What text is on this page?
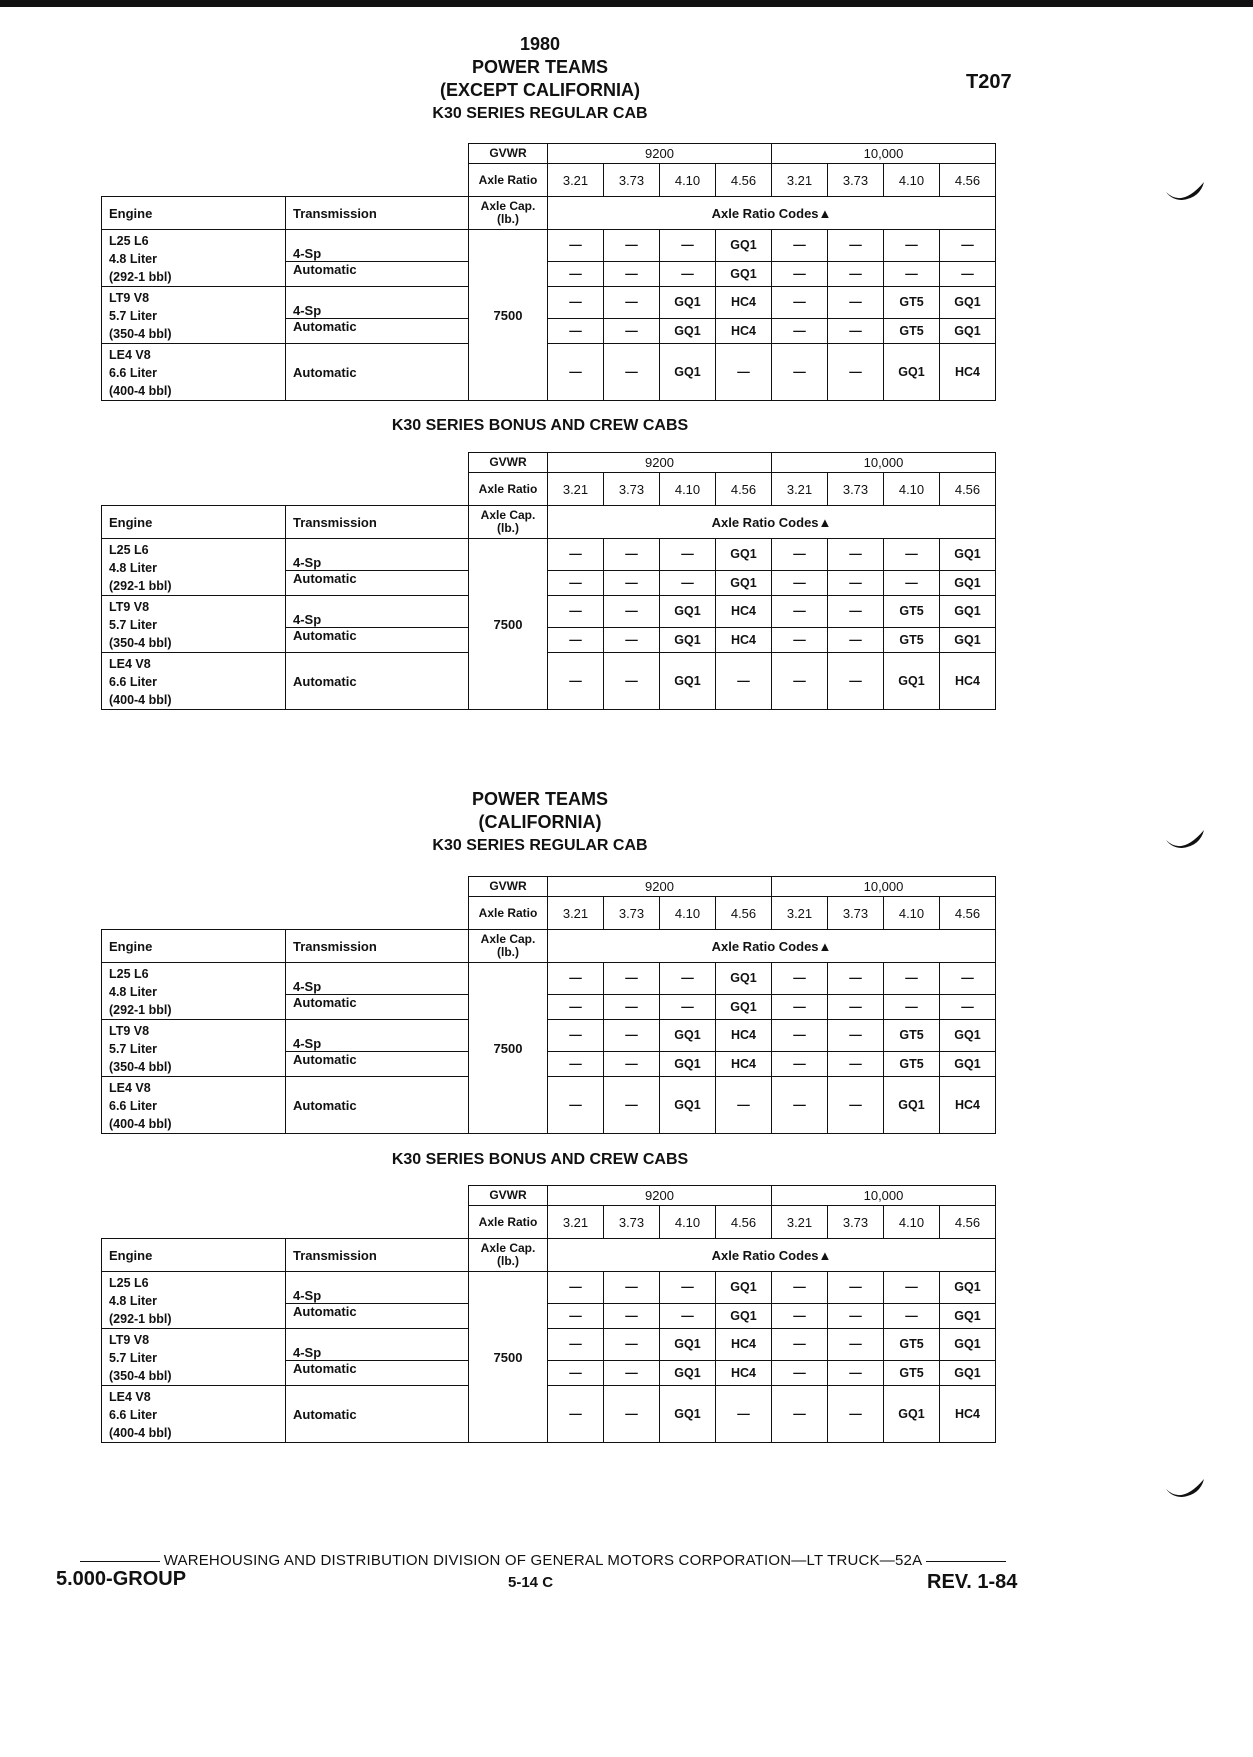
1980
POWER TEAMS
(EXCEPT CALIFORNIA)
K30 SERIES REGULAR CAB
T207
K30 SERIES BONUS AND CREW CABS
POWER TEAMS
(CALIFORNIA)
K30 SERIES REGULAR CAB
K30 SERIES BONUS AND CREW CABS
		GVWR	9200				10,000			
		Axle Ratio	3.21	3.73	4.10	4.56	3.21	3.73	4.10	4.56
Engine	Transmission	Axle Cap. (lb.)	Axle Ratio Codes▲							

L25 L6
4.8 Liter
(292-1 bbl)	4-Sp	7500	—	—	—	GQ1	—	—	—	—
	Automatic		—	—	—	GQ1	—	—	—	—

LT9 V8
5.7 Liter
(350-4 bbl)	4-Sp		—	—	GQ1	HC4	—	—	GT5	GQ1
	Automatic		—	—	GQ1	HC4	—	—	GT5	GQ1

LE4 V8
6.6 Liter
(400-4 bbl)	Automatic		—	—	GQ1	—	—	—	GQ1	HC4
		GVWR	9200				10,000			
		Axle Ratio	3.21	3.73	4.10	4.56	3.21	3.73	4.10	4.56
Engine	Transmission	Axle Cap. (lb.)	Axle Ratio Codes▲							

L25 L6
4.8 Liter
(292-1 bbl)	4-Sp	7500	—	—	—	GQ1	—	—	—	GQ1
	Automatic		—	—	—	GQ1	—	—	—	GQ1

LT9 V8
5.7 Liter
(350-4 bbl)	4-Sp		—	—	GQ1	HC4	—	—	GT5	GQ1
	Automatic		—	—	GQ1	HC4	—	—	GT5	GQ1

LE4 V8
6.6 Liter
(400-4 bbl)	Automatic		—	—	GQ1	—	—	—	GQ1	HC4
		GVWR	9200				10,000			
		Axle Ratio	3.21	3.73	4.10	4.56	3.21	3.73	4.10	4.56
Engine	Transmission	Axle Cap. (lb.)	Axle Ratio Codes▲							

L25 L6
4.8 Liter
(292-1 bbl)	4-Sp	7500	—	—	—	GQ1	—	—	—	—
	Automatic		—	—	—	GQ1	—	—	—	—

LT9 V8
5.7 Liter
(350-4 bbl)	4-Sp		—	—	GQ1	HC4	—	—	GT5	GQ1
	Automatic		—	—	GQ1	HC4	—	—	GT5	GQ1

LE4 V8
6.6 Liter
(400-4 bbl)	Automatic		—	—	GQ1	—	—	—	GQ1	HC4
		GVWR	9200				10,000			
		Axle Ratio	3.21	3.73	4.10	4.56	3.21	3.73	4.10	4.56
Engine	Transmission	Axle Cap. (lb.)	Axle Ratio Codes▲							

L25 L6
4.8 Liter
(292-1 bbl)	4-Sp	7500	—	—	—	GQ1	—	—	—	GQ1
	Automatic		—	—	—	GQ1	—	—	—	GQ1

LT9 V8
5.7 Liter
(350-4 bbl)	4-Sp		—	—	GQ1	HC4	—	—	GT5	GQ1
	Automatic		—	—	GQ1	HC4	—	—	GT5	GQ1

LE4 V8
6.6 Liter
(400-4 bbl)	Automatic		—	—	GQ1	—	—	—	GQ1	HC4
WAREHOUSING AND DISTRIBUTION DIVISION OF GENERAL MOTORS CORPORATION—LT TRUCK—52A
5.000-GROUP	5-14 C	REV. 1-84
